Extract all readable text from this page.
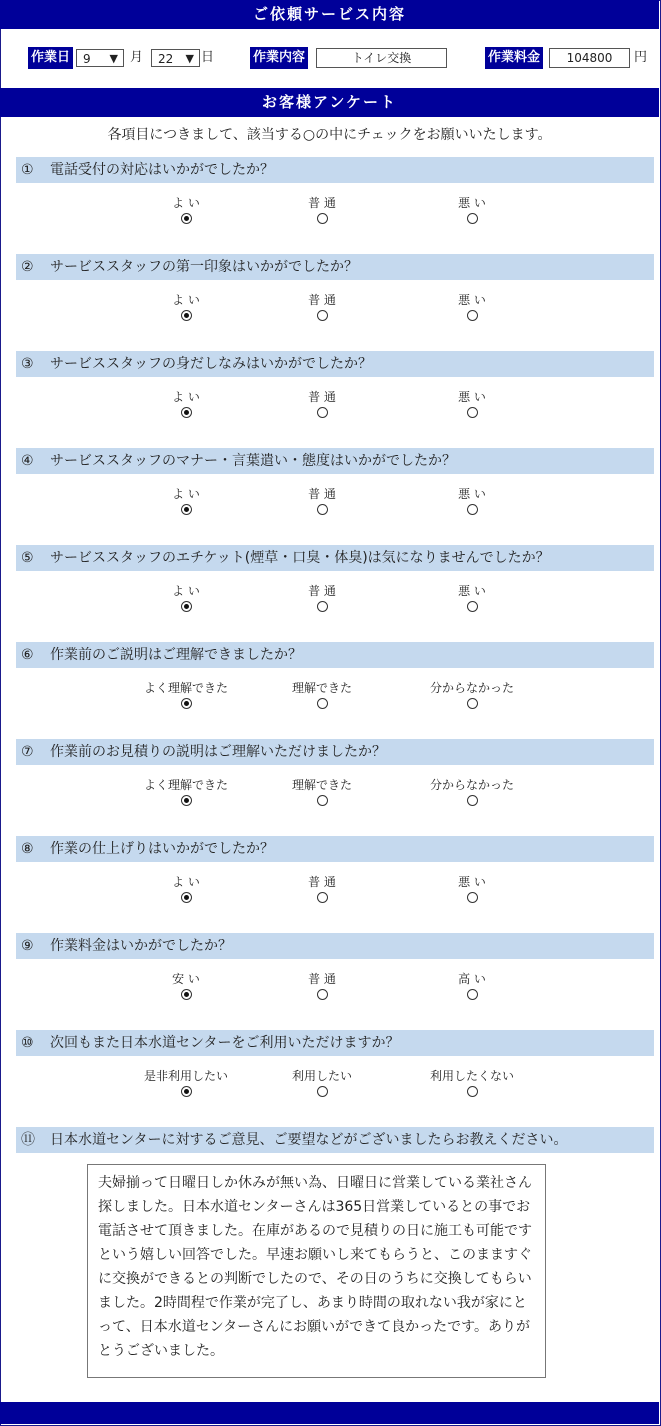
ご依頼サービス内容
作業日	9 ▼ 月	22 ▼ 日	作業内容	トイレ交換	作業料金	104800	円
お客様アンケート
各項目につきまして、該当する○の中にチェックをお願いいたします。
① 電話受付の対応はいかがでしたか？
よ い	普 通	悪 い
② サービススタッフの第一印象はいかがでしたか？
よ い	普 通	悪 い
③ サービススタッフの身だしなみはいかがでしたか？
よ い	普 通	悪 い
④ サービススタッフのマナー・言葉遣い・態度はいかがでしたか？
よ い	普 通	悪 い
⑤ サービススタッフのエチケット(煙草・口臭・体臭)は気になりませんでしたか？
よ い	普 通	悪 い
⑥ 作業前のご説明はご理解できましたか？
よく理解できた	理解できた	分からなかった
⑦ 作業前のお見積りの説明はご理解いただけましたか？
よく理解できた	理解できた	分からなかった
⑧ 作業の仕上げりはいかがでしたか？
よ い	普 通	悪 い
⑨ 作業料金はいかがでしたか？
安 い	普 通	高 い
⑩ 次回もまた日本水道センターをご利用いただけますか？
是非利用したい	利用したい	利用したくない
⑪ 日本水道センターに対するご意見、ご要望などがございましたらお教えください。
夫婦揃って日曜日しか休みが無い為、日曜日に営業している業社さん探しました。日本水道センターさんは365日営業しているとの事でお電話させて頂きました。在庫があるので見積りの日に施工も可能ですという嬉しい回答でした。早速お願いし来てもらうと、このまますぐに交換ができるとの判断でしたので、その日のうちに交換してもらいました。2時間程で作業が完了し、あまり時間の取れない我が家にとって、日本水道センターさんにお願いができて良かったです。ありがとうございました。
